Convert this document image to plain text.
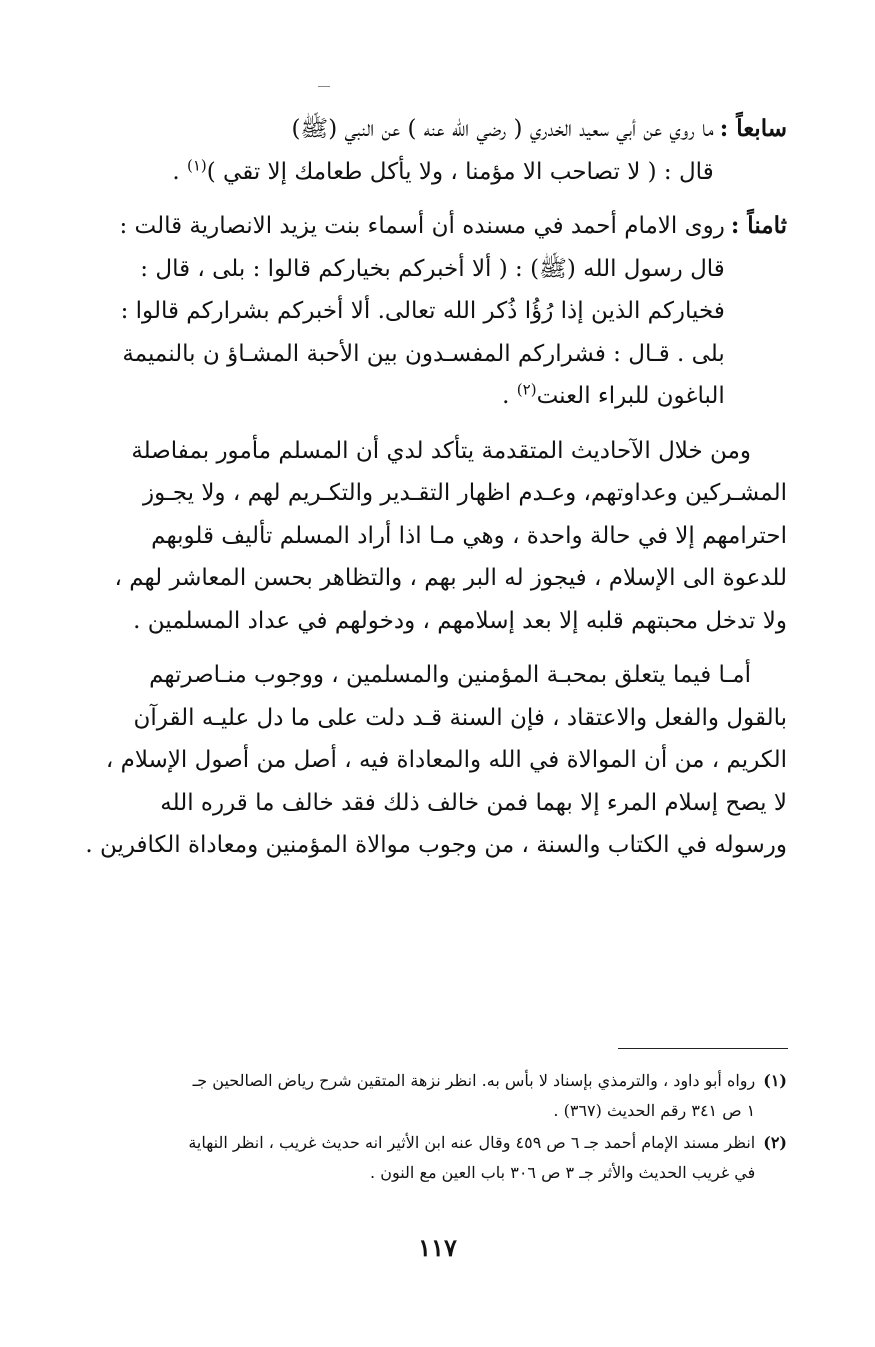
سابعاً :
ما روي عن أبي سعيد الخدري ( رضي الله عنه ) عن النبي (ﷺ)
قال : ( لا تصاحب الا مؤمنا ، ولا يأكل طعامك إلا تقي )$^{(١)}$ .
ثامناً :
روى الامام أحمد في مسنده أن أسماء بنت يزيد الانصارية قالت :
قال رسول الله (ﷺ) : ( ألا أخبركم بخياركم قالوا : بلى ، قال :
فخياركم الذين إذا رُؤُا ذُكر الله تعالى. ألا أخبركم بشراركم قالوا :
بلى . قـال : فشراركم المفسـدون بين الأحبة المشـاؤ ن بالنميمة
الباغون للبراء العنت$^{(٢)}$ .
ومن خلال الآحاديث المتقدمة يتأكد لدي أن المسلم مأمور بمفاصلة
المشـركين وعداوتهم، وعـدم اظهار التقـدير والتكـريم لهم ، ولا يجـوز
احترامهم إلا في حالة واحدة ، وهي مـا اذا أراد المسلم تأليف قلوبهم
للدعوة الى الإسلام ، فيجوز له البر بهم ، والتظاهر بحسن المعاشر لهم ،
ولا تدخل محبتهم قلبه إلا بعد إسلامهم ، ودخولهم في عداد المسلمين .
أمـا فيما يتعلق بمحبـة المؤمنين والمسلمين ، ووجوب منـاصرتهم
بالقول والفعل والاعتقاد ، فإن السنة قـد دلت على ما دل عليـه القرآن
الكريم ، من أن الموالاة في الله والمعاداة فيه ، أصل من أصول الإسلام ،
لا يصح إسلام المرء إلا بهما فمن خالف ذلك فقد خالف ما قرره الله
ورسوله في الكتاب والسنة ، من وجوب موالاة المؤمنين ومعاداة الكافرين .
(١)
رواه أبو داود ، والترمذي بإسناد لا بأس به. انظر نزهة المتقين شرح رياض الصالحين جـ
١ ص ٣٤١ رقم الحديث (٣٦٧) .
(٢)
انظر مسند الإمام أحمد جـ ٦ ص ٤٥٩ وقال عنه ابن الأثير انه حديث غريب ، انظر النهاية
في غريب الحديث والأثر جـ ٣ ص ٣٠٦ باب العين مع النون .
١١٧
